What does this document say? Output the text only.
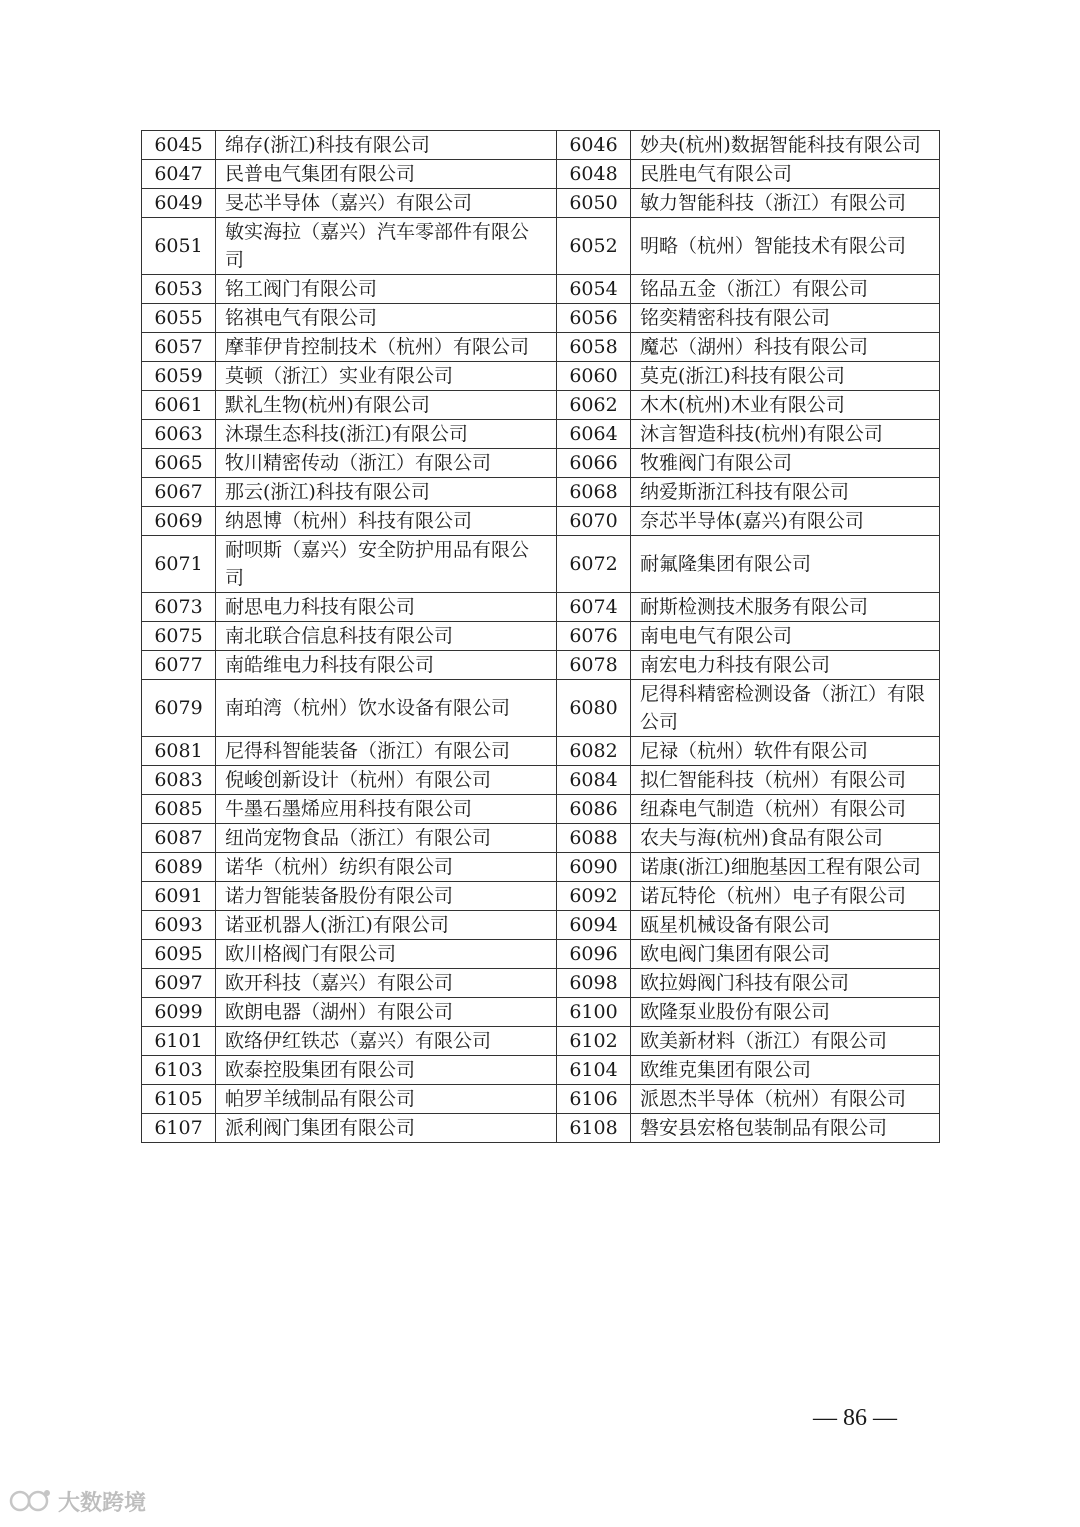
6045	绵存(浙江)科技有限公司	6046	妙夬(杭州)数据智能科技有限公司
6047	民普电气集团有限公司	6048	民胜电气有限公司
6049	旻芯半导体（嘉兴）有限公司	6050	敏力智能科技（浙江）有限公司
6051	敏实海拉（嘉兴）汽车零部件有限公司	6052	明略（杭州）智能技术有限公司
6053	铭工阀门有限公司	6054	铭品五金（浙江）有限公司
6055	铭祺电气有限公司	6056	铭奕精密科技有限公司
6057	摩菲伊肯控制技术（杭州）有限公司	6058	魔芯（湖州）科技有限公司
6059	莫顿（浙江）实业有限公司	6060	莫克(浙江)科技有限公司
6061	默礼生物(杭州)有限公司	6062	木木(杭州)木业有限公司
6063	沐璟生态科技(浙江)有限公司	6064	沐言智造科技(杭州)有限公司
6065	牧川精密传动（浙江）有限公司	6066	牧雅阀门有限公司
6067	那云(浙江)科技有限公司	6068	纳爱斯浙江科技有限公司
6069	纳恩博（杭州）科技有限公司	6070	奈芯半导体(嘉兴)有限公司
6071	耐呗斯（嘉兴）安全防护用品有限公司	6072	耐氟隆集团有限公司
6073	耐思电力科技有限公司	6074	耐斯检测技术服务有限公司
6075	南北联合信息科技有限公司	6076	南电电气有限公司
6077	南皓维电力科技有限公司	6078	南宏电力科技有限公司
6079	南珀湾（杭州）饮水设备有限公司	6080	尼得科精密检测设备（浙江）有限公司
6081	尼得科智能装备（浙江）有限公司	6082	尼禄（杭州）软件有限公司
6083	倪峻创新设计（杭州）有限公司	6084	拟仁智能科技（杭州）有限公司
6085	牛墨石墨烯应用科技有限公司	6086	纽森电气制造（杭州）有限公司
6087	纽尚宠物食品（浙江）有限公司	6088	农夫与海(杭州)食品有限公司
6089	诺华（杭州）纺织有限公司	6090	诺康(浙江)细胞基因工程有限公司
6091	诺力智能装备股份有限公司	6092	诺瓦特伦（杭州）电子有限公司
6093	诺亚机器人(浙江)有限公司	6094	瓯星机械设备有限公司
6095	欧川格阀门有限公司	6096	欧电阀门集团有限公司
6097	欧开科技（嘉兴）有限公司	6098	欧拉姆阀门科技有限公司
6099	欧朗电器（湖州）有限公司	6100	欧隆泵业股份有限公司
6101	欧络伊红铁芯（嘉兴）有限公司	6102	欧美新材料（浙江）有限公司
6103	欧泰控股集团有限公司	6104	欧维克集团有限公司
6105	帕罗羊绒制品有限公司	6106	派恩杰半导体（杭州）有限公司
6107	派利阀门集团有限公司	6108	磐安县宏格包装制品有限公司
— 86 —
大数跨境
